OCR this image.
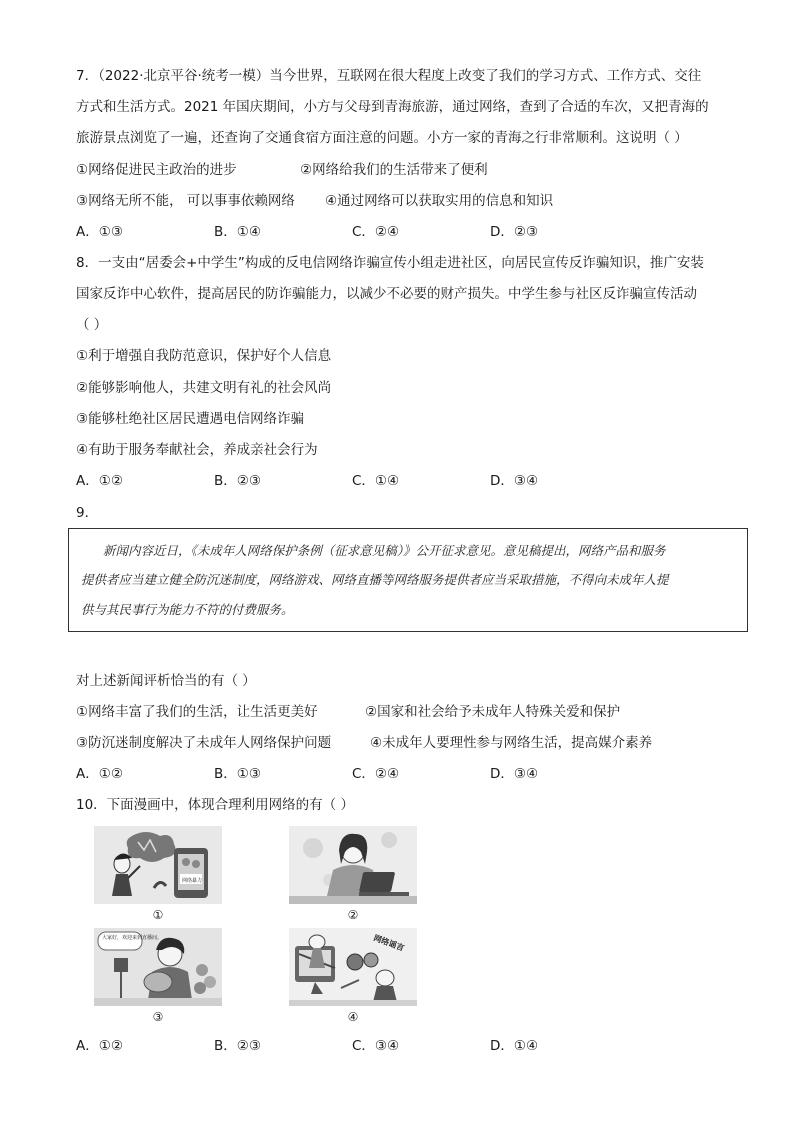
7．（2022·北京平谷·统考一模）当今世界，互联网在很大程度上改变了我们的学习方式、工作方式、交往
方式和生活方式。2021 年国庆期间，小方与父母到青海旅游，通过网络，查到了合适的车次，又把青海的
旅游景点浏览了一遍，还查询了交通食宿方面注意的问题。小方一家的青海之行非常顺利。这说明（ ）
①网络促进民主政治的进步	②网络给我们的生活带来了便利
③网络无所不能， 可以事事依赖网络 ④通过网络可以获取实用的信息和知识
A．①③	B．①④	C．②④	D．②③
8．一支由“居委会+中学生”构成的反电信网络诈骗宣传小组走进社区，向居民宣传反诈骗知识，推广安装
国家反诈中心软件，提高居民的防诈骗能力，以减少不必要的财产损失。中学生参与社区反诈骗宣传活动
（ ）
①利于增强自我防范意识，保护好个人信息
②能够影响他人，共建文明有礼的社会风尚
③能够杜绝社区居民遭遇电信网络诈骗
④有助于服务奉献社会，养成亲社会行为
A．①②	B．②③	C．①④	D．③④
9．
新闻内容近日，《未成年人网络保护条例（征求意见稿）》公开征求意见。意见稿提出，网络产品和服务
提供者应当建立健全防沉迷制度，网络游戏、网络直播等网络服务提供者应当采取措施，不得向未成年人提
供与其民事行为能力不符的付费服务。
对上述新闻评析恰当的有（ ）
①网络丰富了我们的生活，让生活更美好	②国家和社会给予未成年人特殊关爱和保护
③防沉迷制度解决了未成年人网络保护问题	④未成年人要理性参与网络生活，提高媒介素养
A．①②	B．①③	C．②④	D．③④
10．下面漫画中，体现合理利用网络的有（ ）
网络暴力
①	②
大家好，欢迎来到直播间。
③
网络谣言
④
A．①②	B．②③	C．③④	D．①④
